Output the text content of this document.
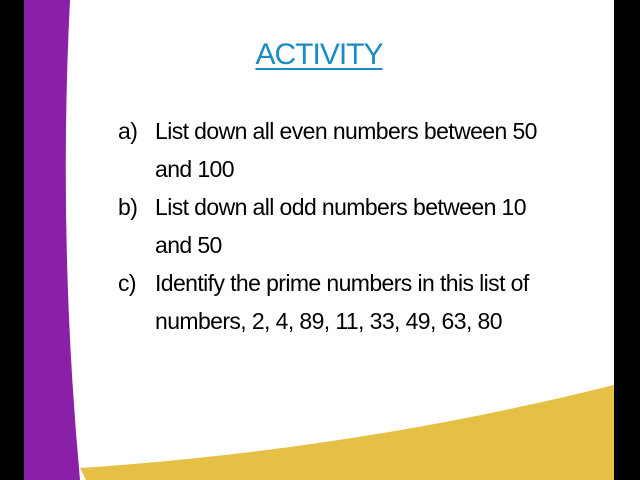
ACTIVITY
a) List down all even numbers between 50 and 100
b) List down all odd numbers between 10 and 50
c) Identify the prime numbers in this list of numbers, 2, 4, 89, 11, 33, 49, 63, 80
